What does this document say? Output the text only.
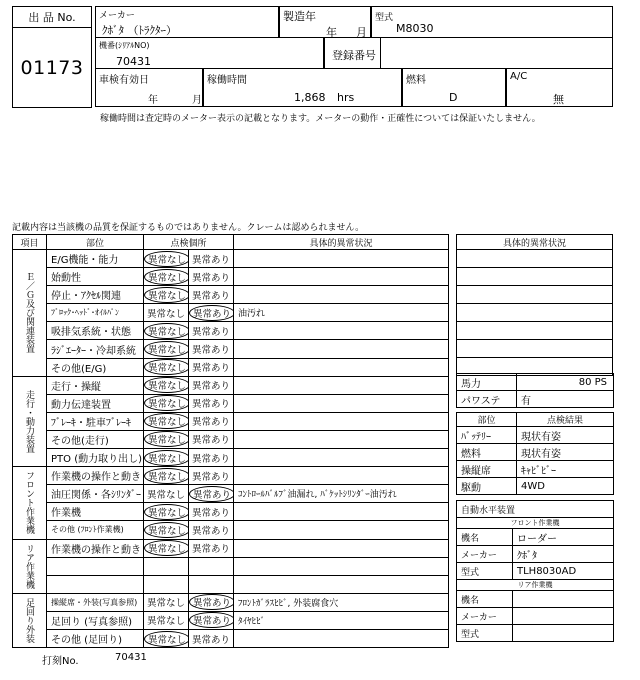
出 品 No.
01173
メーカー
ｸﾎﾞﾀ （ﾄﾗｸﾀｰ）
製造年
年 月
型式
M8030
機番(ｼﾘｱﾙNO)
70431	登録番号
車検有効日
年	月
稼働時間
1,868 hrs
燃料
D
A/C
無
稼働時間は査定時のメーター表示の記載となります。メーターの動作・正確性については保証いたしません。
記載内容は当該機の品質を保証するものではありません。クレームは認められません。
項目	部位	点検個所		具体的異常状況
Ｅ／Ｇ及び関連装置	E/G機能・能力	異常なし	異常あり	
	始動性	異常なし	異常あり	
	停止・ｱｸｾﾙ関連	異常なし	異常あり	
	ﾌﾞﾛｯｸ･ﾍｯﾄﾞ･ｵｲﾙﾊﾟﾝ	異常なし	異常あり	油汚れ
	吸排気系統・状態	異常なし	異常あり	
	ﾗｼﾞｴｰﾀｰ・冷却系統	異常なし	異常あり	
	その他(E/G)	異常なし	異常あり	
走行・動力装置	走行・操縦	異常なし	異常あり	
	動力伝達装置	異常なし	異常あり	
	ﾌﾞﾚｰｷ・駐車ﾌﾞﾚｰｷ	異常なし	異常あり	
	その他(走行)	異常なし	異常あり	
	PTO (動力取り出し)	異常なし	異常あり	
フロント作業機	作業機の操作と動き	異常なし	異常あり	
	油圧関係・各ｼﾘﾝﾀﾞｰ	異常なし	異常あり	ｺﾝﾄﾛｰﾙﾊﾞﾙﾌﾞ油漏れ, ﾊﾞｹｯﾄｼﾘﾝﾀﾞｰ油汚れ
	作業機	異常なし	異常あり	
	その他 (ﾌﾛﾝﾄ作業機)	異常なし	異常あり	
リア作業機	作業機の操作と動き	異常なし	異常あり	

足回り外装	操縦席・外装(写真参照)	異常なし	異常あり	ﾌﾛﾝﾄｶﾞﾗｽﾋﾋﾞ, 外装腐食穴
	足回り (写真参照)	異常なし	異常あり	ﾀｲﾔﾋﾋﾞ
	その他 (足回り)	異常なし	異常あり	
具体的異常状況

馬力	80 PS
パワステ	有
部位	点検結果
ﾊﾞｯﾃﾘｰ	現状有姿
燃料	現状有姿
操縦席	ｷｬﾋﾞﾋﾞｰ
駆動	4WD
自動水平装置	
フロント作業機	
機名	ローダー
メーカー	ｸﾎﾞﾀ
型式	TLH8030AD
リア作業機	
機名	
メーカー	
型式	
打刻No.	70431
